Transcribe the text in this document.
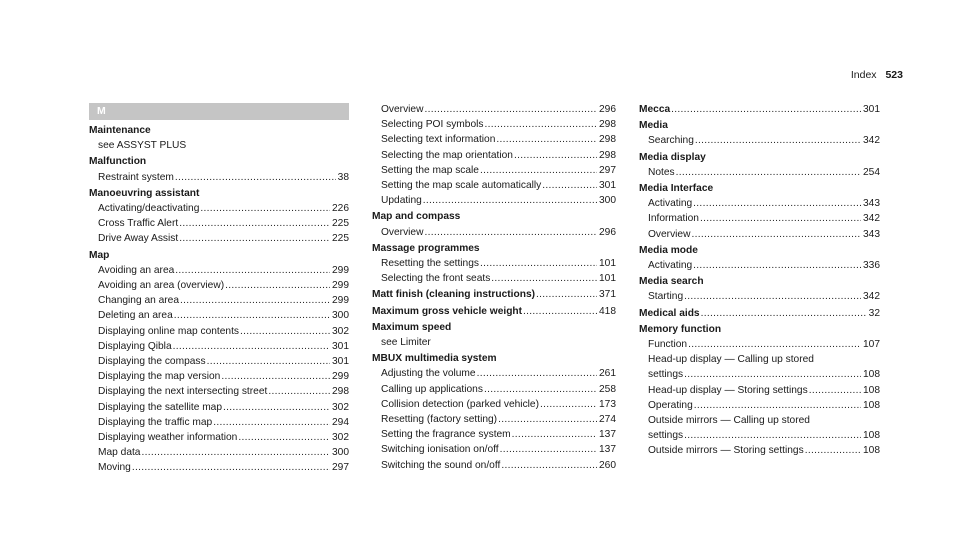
Index 523
M
Maintenance
see ASSYST PLUS
Malfunction
Restraint system .....	38
Manoeuvring assistant
Activating/deactivating .....	226
Cross Traffic Alert .....	225
Drive Away Assist .....	225
Map
Avoiding an area .....	299
Avoiding an area (overview) .....	299
Changing an area .....	299
Deleting an area .....	300
Displaying online map contents .....	302
Displaying Qibla .....	301
Displaying the compass .....	301
Displaying the map version .....	299
Displaying the next intersecting street .....	298
Displaying the satellite map .....	302
Displaying the traffic map .....	294
Displaying weather information .....	302
Map data .....	300
Moving .....	297
Overview .....	296
Selecting POI symbols .....	298
Selecting text information .....	298
Selecting the map orientation .....	298
Setting the map scale .....	297
Setting the map scale automatically .....	301
Updating .....	300
Map and compass
Overview .....	296
Massage programmes
Resetting the settings .....	101
Selecting the front seats .....	101
Matt finish (cleaning instructions) .....	371
Maximum gross vehicle weight .....	418
Maximum speed
see Limiter
MBUX multimedia system
Adjusting the volume .....	261
Calling up applications .....	258
Collision detection (parked vehicle) .....	173
Resetting (factory setting) .....	274
Setting the fragrance system .....	137
Switching ionisation on/off .....	137
Switching the sound on/off .....	260
Mecca .....	301
Media
Searching .....	342
Media display
Notes .....	254
Media Interface
Activating .....	343
Information .....	342
Overview .....	343
Media mode
Activating .....	336
Media search
Starting .....	342
Medical aids .....	32
Memory function
Function .....	107
Head-up display — Calling up stored
settings .....	108
Head-up display — Storing settings .....	108
Operating .....	108
Outside mirrors — Calling up stored
settings .....	108
Outside mirrors — Storing settings .....	108
